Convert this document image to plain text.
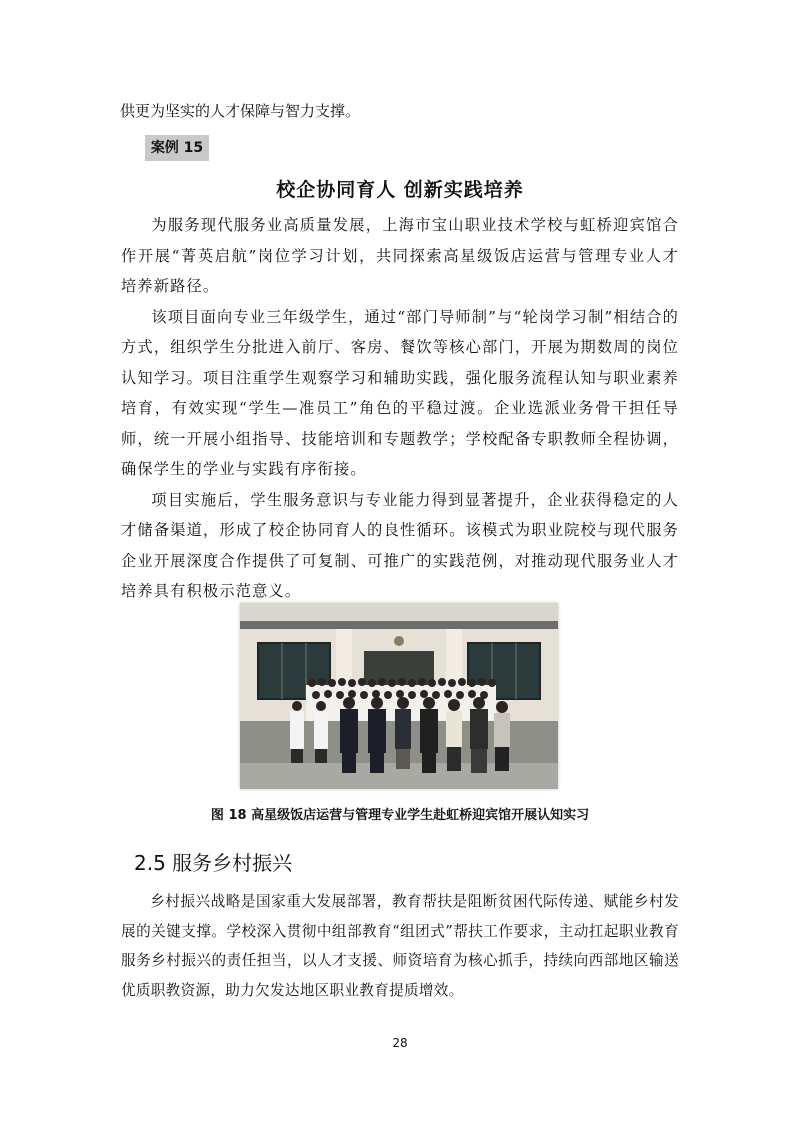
供更为坚实的人才保障与智力支撑。

案例 15
校企协同育人 创新实践培养

为服务现代服务业高质量发展，上海市宝山职业技术学校与虹桥迎宾馆合作开展“菁英启航”岗位学习计划，共同探索高星级饭店运营与管理专业人才培养新路径。

该项目面向专业三年级学生，通过“部门导师制”与“轮岗学习制”相结合的方式，组织学生分批进入前厅、客房、餐饮等核心部门，开展为期数周的岗位认知学习。项目注重学生观察学习和辅助实践，强化服务流程认知与职业素养培育，有效实现“学生—准员工”角色的平稳过渡。企业选派业务骨干担任导师，统一开展小组指导、技能培训和专题教学；学校配备专职教师全程协调，确保学生的学业与实践有序衔接。

项目实施后，学生服务意识与专业能力得到显著提升，企业获得稳定的人才储备渠道，形成了校企协同育人的良性循环。该模式为职业院校与现代服务企业开展深度合作提供了可复制、可推广的实践范例，对推动现代服务业人才培养具有积极示范意义。

图 18 高星级饭店运营与管理专业学生赴虹桥迎宾馆开展认知实习

2.5 服务乡村振兴

乡村振兴战略是国家重大发展部署，教育帮扶是阻断贫困代际传递、赋能乡村发展的关键支撑。学校深入贯彻中组部教育“组团式”帮扶工作要求，主动扛起职业教育服务乡村振兴的责任担当，以人才支援、师资培育为核心抓手，持续向西部地区输送优质职教资源，助力欠发达地区职业教育提质增效。

28
